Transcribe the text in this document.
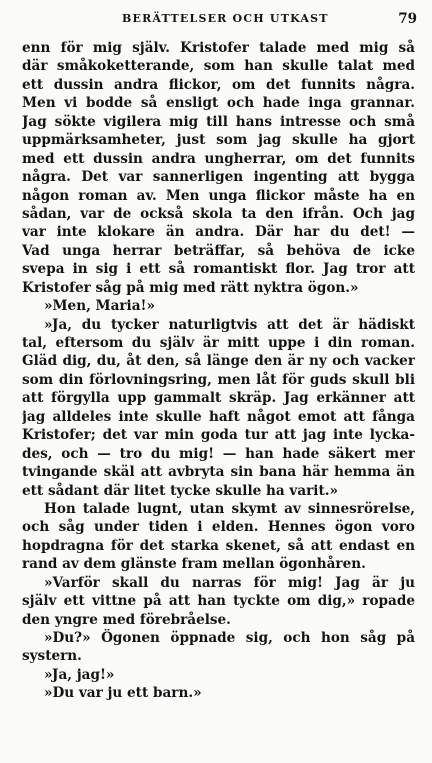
BERÄTTELSER OCH UTKAST	79
enn för mig själv. Kristofer talade med mig så
där småkoketterande, som han skulle talat med
ett dussin andra flickor, om det funnits några.
Men vi bodde så ensligt och hade inga grannar.
Jag sökte vigilera mig till hans intresse och små
uppmärksamheter, just som jag skulle ha gjort
med ett dussin andra ungherrar, om det funnits
några. Det var sannerligen ingenting att bygga
någon roman av. Men unga flickor måste ha en
sådan, var de också skola ta den ifrån. Och jag
var inte klokare än andra. Där har du det! —
Vad unga herrar beträffar, så behöva de icke
svepa in sig i ett så romantiskt flor. Jag tror att
Kristofer såg på mig med rätt nyktra ögon.»
»Men, Maria!»
»Ja, du tycker naturligtvis att det är hädiskt
tal, eftersom du själv är mitt uppe i din roman.
Gläd dig, du, åt den, så länge den är ny och vacker
som din förlovningsring, men låt för guds skull bli
att förgylla upp gammalt skräp. Jag erkänner att
jag alldeles inte skulle haft något emot att fånga
Kristofer; det var min goda tur att jag inte lycka-
des, och — tro du mig! — han hade säkert mer
tvingande skäl att avbryta sin bana här hemma än
ett sådant där litet tycke skulle ha varit.»
Hon talade lugnt, utan skymt av sinnesrörelse,
och såg under tiden i elden. Hennes ögon voro
hopdragna för det starka skenet, så att endast en
rand av dem glänste fram mellan ögonhåren.
»Varför skall du narras för mig! Jag är ju
själv ett vittne på att han tyckte om dig,» ropade
den yngre med förebråelse.
»Du?» Ögonen öppnade sig, och hon såg på
systern.
»Ja, jag!»
»Du var ju ett barn.»
